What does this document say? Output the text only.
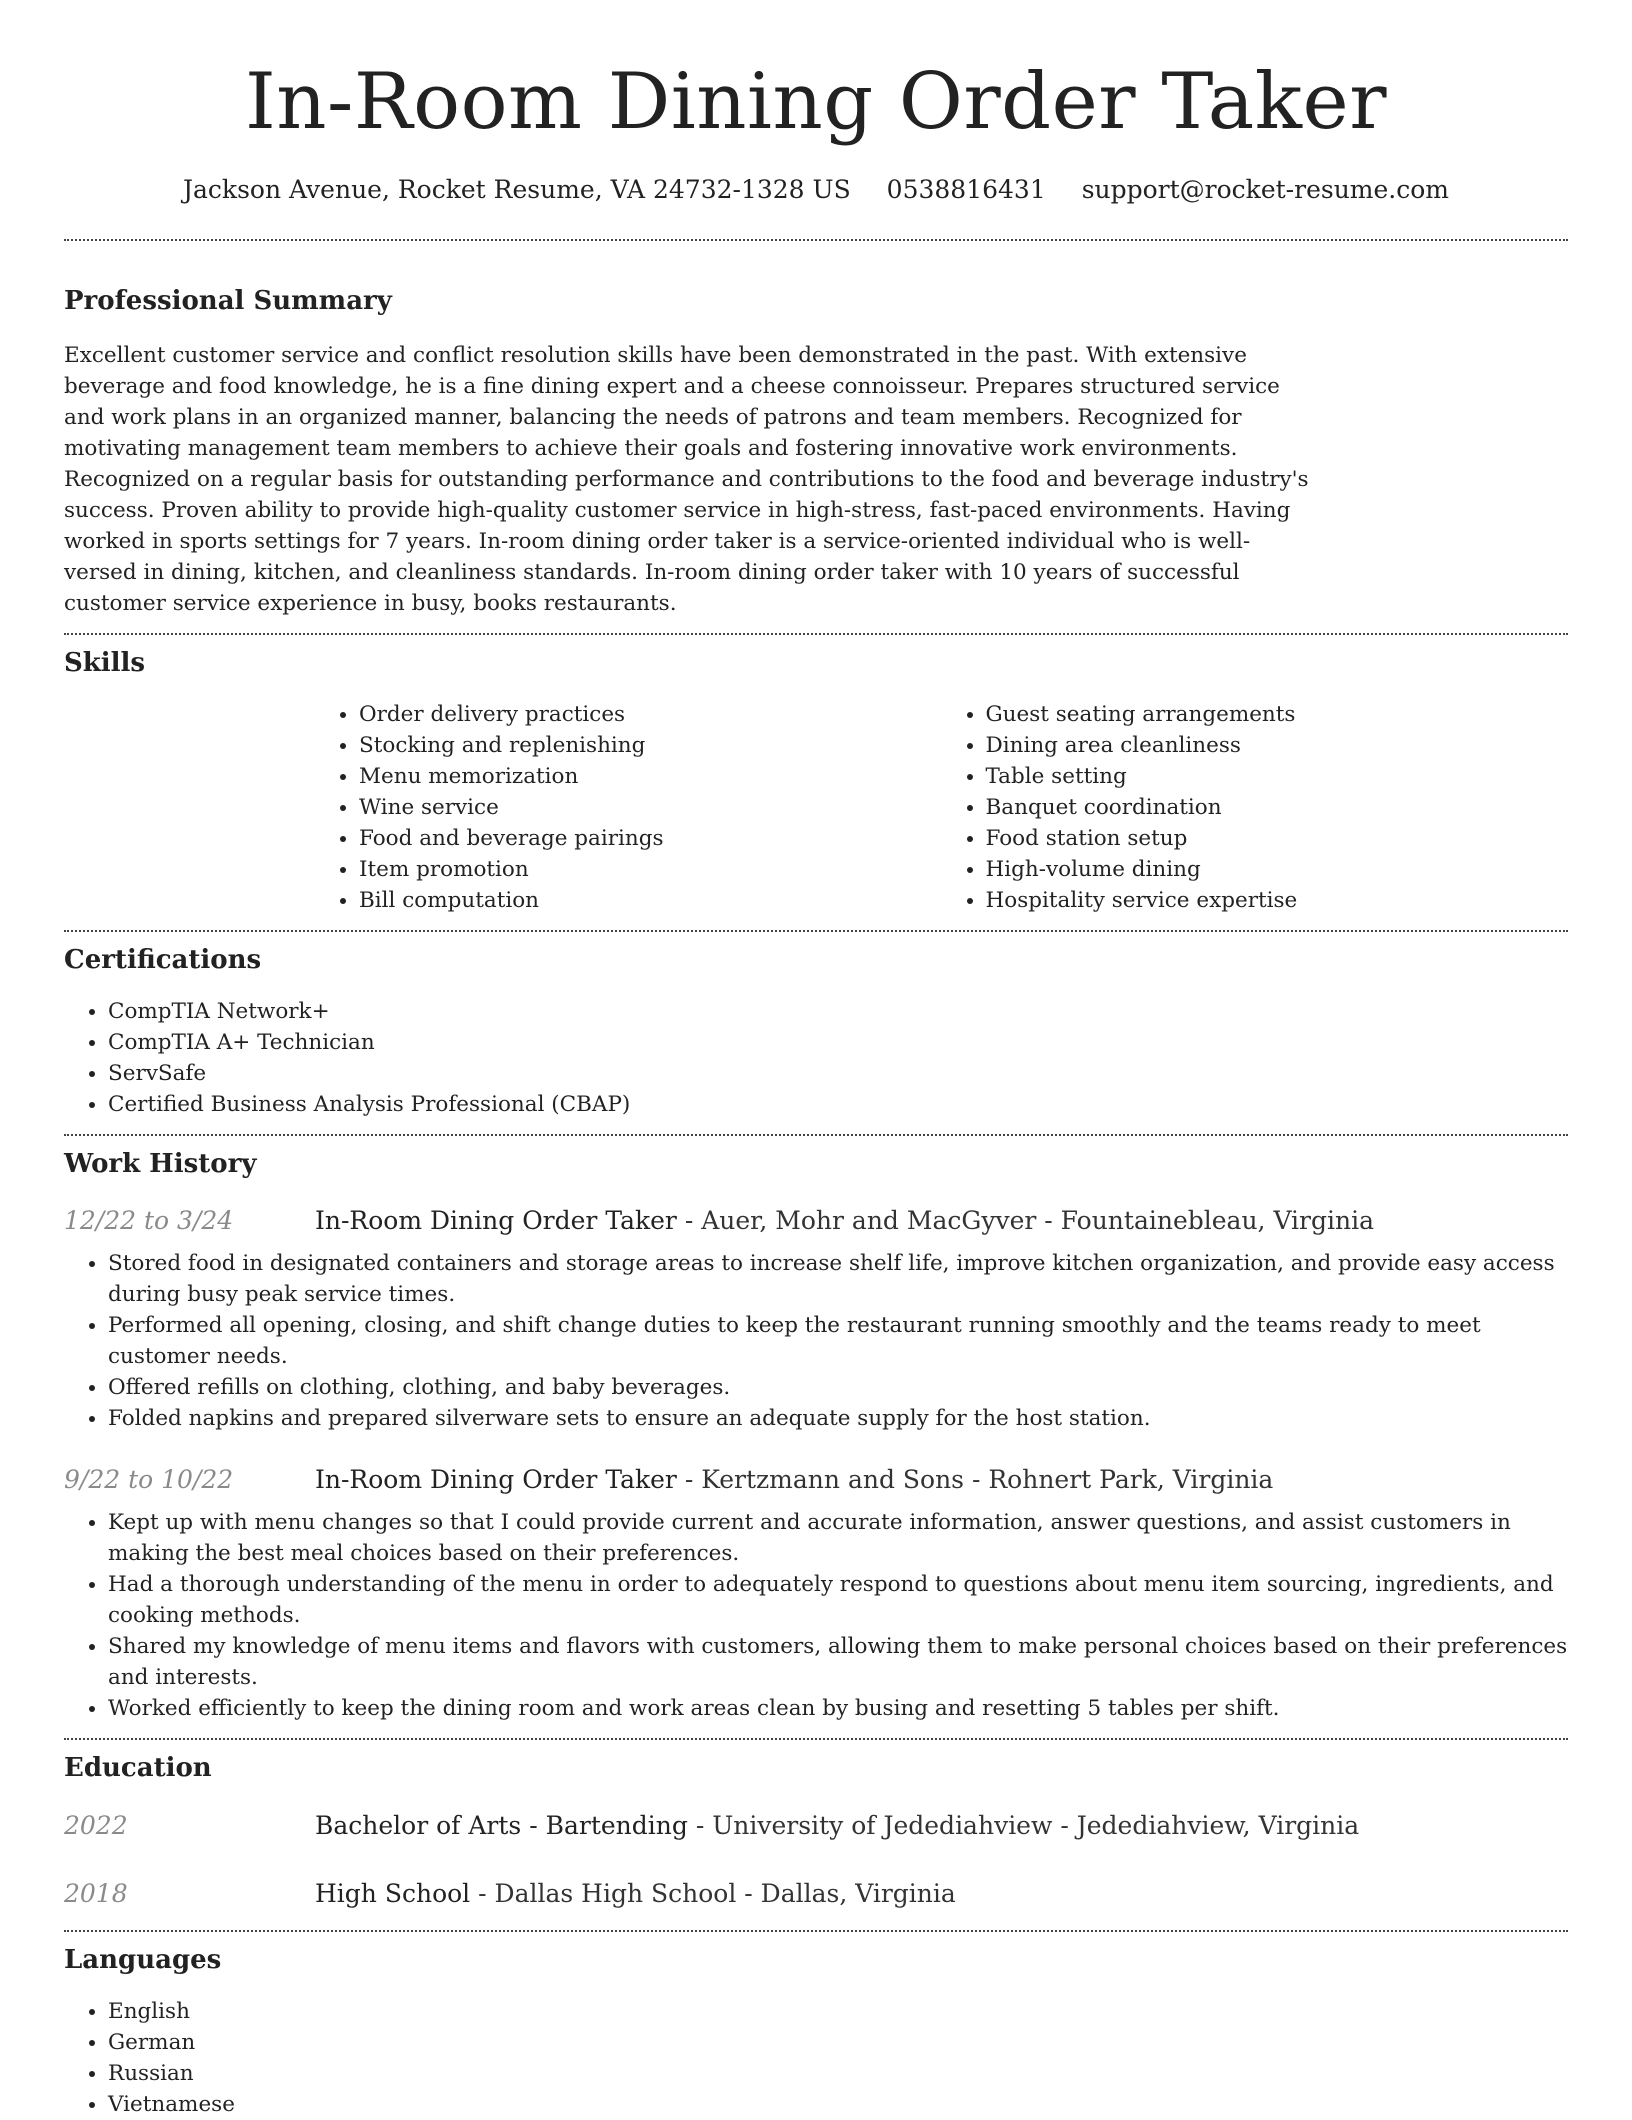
In-Room Dining Order Taker
Jackson Avenue, Rocket Resume, VA 24732-1328 US 0538816431 support@rocket-resume.com
Professional Summary

Excellent customer service and conflict resolution skills have been demonstrated in the past. With extensive beverage and food knowledge, he is a fine dining expert and a cheese connoisseur. Prepares structured service and work plans in an organized manner, balancing the needs of patrons and team members. Recognized for motivating management team members to achieve their goals and fostering innovative work environments. Recognized on a regular basis for outstanding performance and contributions to the food and beverage industry's success. Proven ability to provide high-quality customer service in high-stress, fast-paced environments. Having worked in sports settings for 7 years. In-room dining order taker is a service-oriented individual who is well-versed in dining, kitchen, and cleanliness standards. In-room dining order taker with 10 years of successful customer service experience in busy, books restaurants.

Skills
• Order delivery practices
• Stocking and replenishing
• Menu memorization
• Wine service
• Food and beverage pairings
• Item promotion
• Bill computation
• Guest seating arrangements
• Dining area cleanliness
• Table setting
• Banquet coordination
• Food station setup
• High-volume dining
• Hospitality service expertise
Certifications
• CompTIA Network+
• CompTIA A+ Technician
• ServSafe
• Certified Business Analysis Professional (CBAP)
Work History
12/22 to 3/24	In-Room Dining Order Taker - Auer, Mohr and MacGyver - Fountainebleau, Virginia
• Stored food in designated containers and storage areas to increase shelf life, improve kitchen organization, and provide easy access during busy peak service times.
• Performed all opening, closing, and shift change duties to keep the restaurant running smoothly and the teams ready to meet customer needs.
• Offered refills on clothing, clothing, and baby beverages.
• Folded napkins and prepared silverware sets to ensure an adequate supply for the host station.
9/22 to 10/22	In-Room Dining Order Taker - Kertzmann and Sons - Rohnert Park, Virginia
• Kept up with menu changes so that I could provide current and accurate information, answer questions, and assist customers in making the best meal choices based on their preferences.
• Had a thorough understanding of the menu in order to adequately respond to questions about menu item sourcing, ingredients, and cooking methods.
• Shared my knowledge of menu items and flavors with customers, allowing them to make personal choices based on their preferences and interests.
• Worked efficiently to keep the dining room and work areas clean by busing and resetting 5 tables per shift.
Education
2022	Bachelor of Arts - Bartending - University of Jedediahview - Jedediahview, Virginia
2018	High School - Dallas High School - Dallas, Virginia
Languages
• English
• German
• Russian
• Vietnamese
